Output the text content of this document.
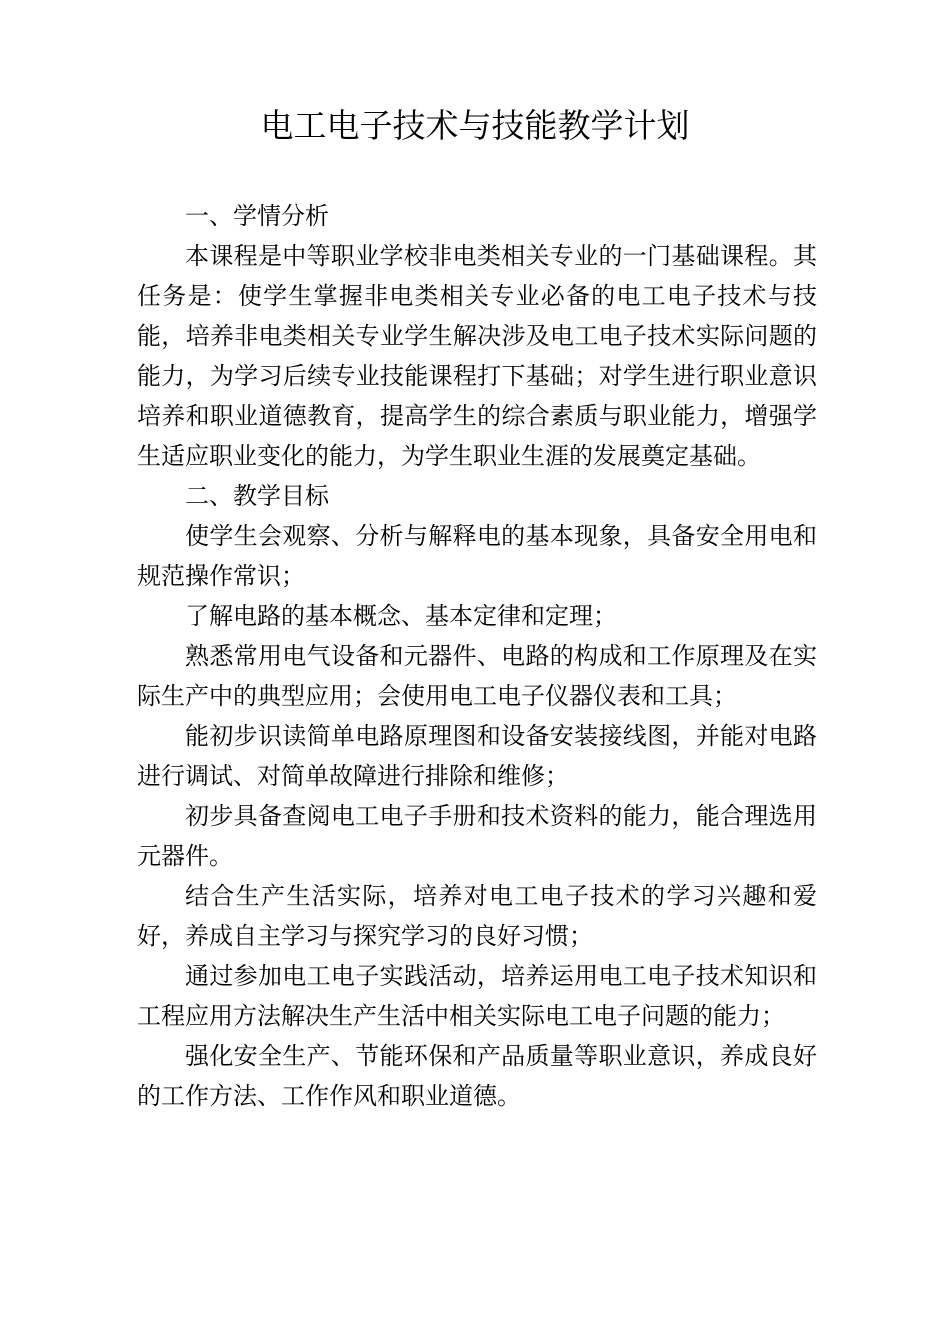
电工电子技术与技能教学计划

一、学情分析

本课程是中等职业学校非电类相关专业的一门基础课程。其任务是：使学生掌握非电类相关专业必备的电工电子技术与技能，培养非电类相关专业学生解决涉及电工电子技术实际问题的能力，为学习后续专业技能课程打下基础；对学生进行职业意识培养和职业道德教育，提高学生的综合素质与职业能力，增强学生适应职业变化的能力，为学生职业生涯的发展奠定基础。

二、教学目标

使学生会观察、分析与解释电的基本现象，具备安全用电和规范操作常识；

了解电路的基本概念、基本定律和定理；

熟悉常用电气设备和元器件、电路的构成和工作原理及在实际生产中的典型应用；会使用电工电子仪器仪表和工具；

能初步识读简单电路原理图和设备安装接线图，并能对电路进行调试、对简单故障进行排除和维修；

初步具备查阅电工电子手册和技术资料的能力，能合理选用元器件。

结合生产生活实际，培养对电工电子技术的学习兴趣和爱好，养成自主学习与探究学习的良好习惯；

通过参加电工电子实践活动，培养运用电工电子技术知识和工程应用方法解决生产生活中相关实际电工电子问题的能力；

强化安全生产、节能环保和产品质量等职业意识，养成良好的工作方法、工作作风和职业道德。
